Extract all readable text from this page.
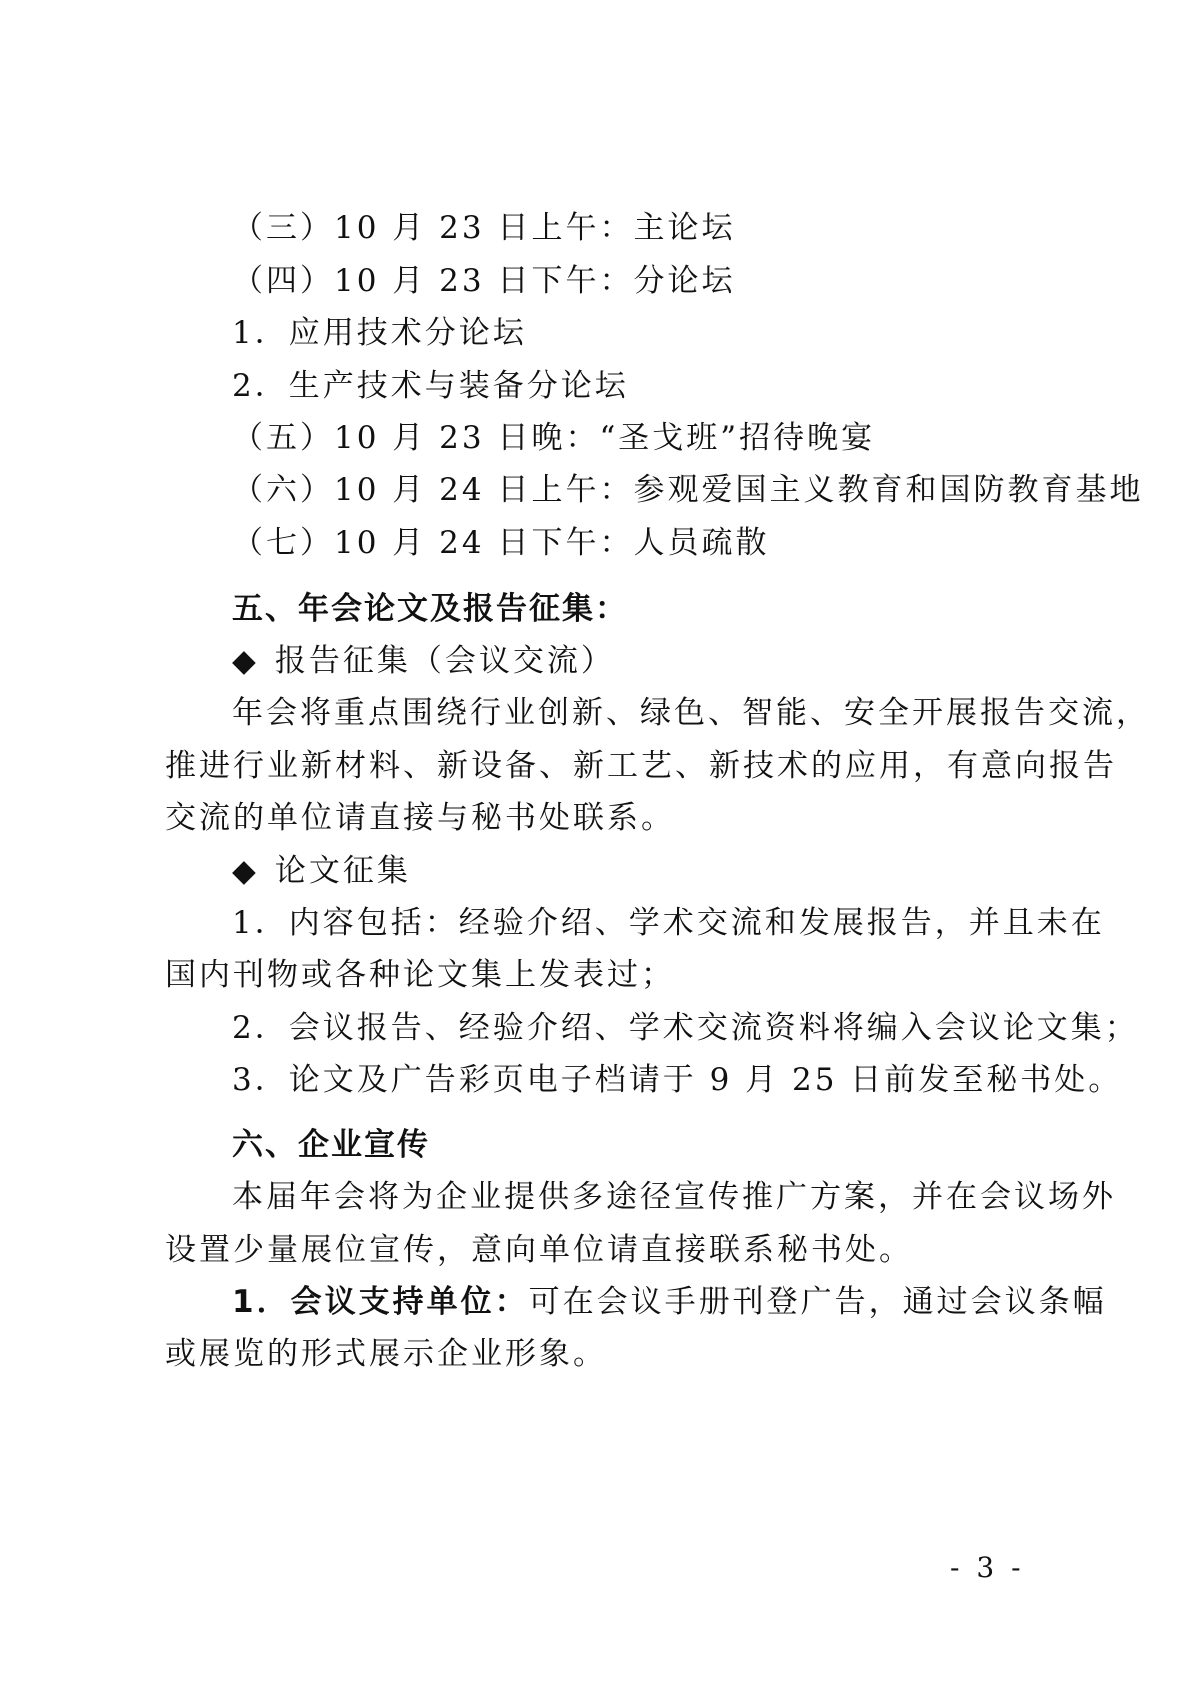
（三）10 月 23 日上午：主论坛
（四）10 月 23 日下午：分论坛
1．应用技术分论坛
2．生产技术与装备分论坛
（五）10 月 23 日晚：“圣戈班”招待晚宴
（六）10 月 24 日上午：参观爱国主义教育和国防教育基地
（七）10 月 24 日下午：人员疏散
五、年会论文及报告征集：
◆ 报告征集（会议交流）
年会将重点围绕行业创新、绿色、智能、安全开展报告交流，
推进行业新材料、新设备、新工艺、新技术的应用，有意向报告
交流的单位请直接与秘书处联系。
◆ 论文征集
1．内容包括：经验介绍、学术交流和发展报告，并且未在
国内刊物或各种论文集上发表过；
2．会议报告、经验介绍、学术交流资料将编入会议论文集；
3．论文及广告彩页电子档请于 9 月 25 日前发至秘书处。
六、企业宣传
本届年会将为企业提供多途径宣传推广方案，并在会议场外
设置少量展位宣传，意向单位请直接联系秘书处。
1．会议支持单位：可在会议手册刊登广告，通过会议条幅
或展览的形式展示企业形象。
- 3 -
